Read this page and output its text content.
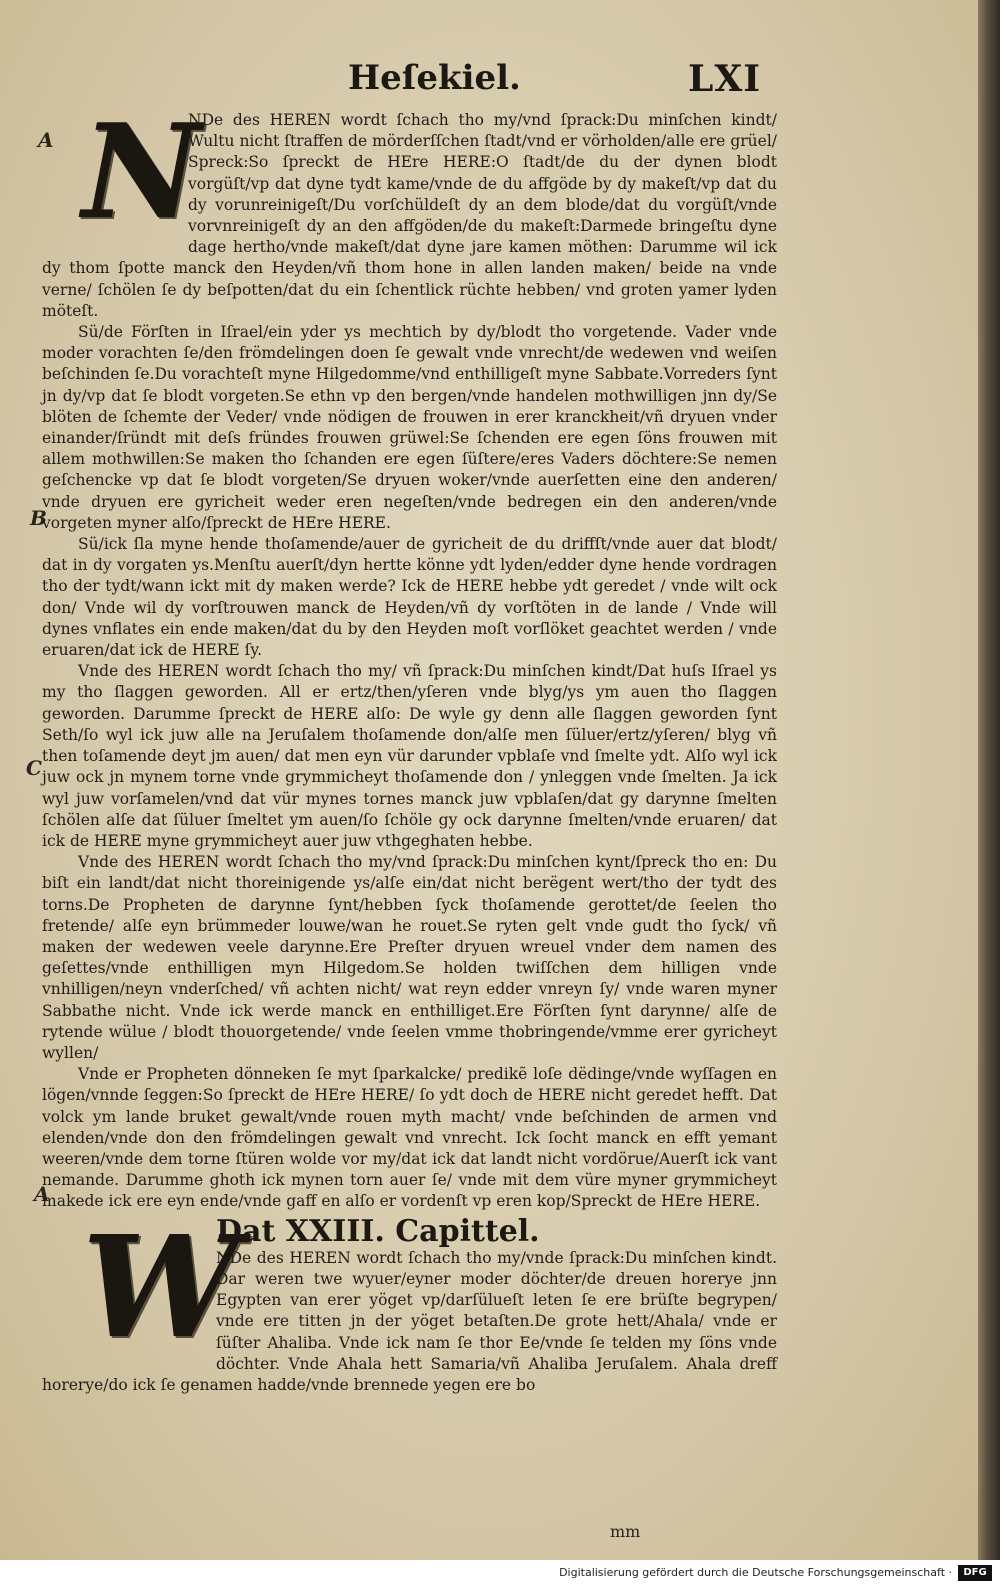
Heſekiel.	LXI
A
B
C
A
N

NDe des HEREN wordt ſchach tho my/vnd ſprack:Du minſchen kindt/ Wultu nicht ſtraffen de mörderſſchen ſtadt/vnd er vörholden/alle ere grüel/ Spreck:So ſpreckt de HEre HERE:O ſtadt/de du der dynen blodt vorgüſt/vp dat dyne tydt kame/vnde de du affgöde by dy makeſt/vp dat du dy vorunreinigeſt/Du vorſchüldeſt dy an dem blode/dat du vorgüſt/vnde vorvnreinigeſt dy an den affgöden/de du makeſt:Darmede bringeſtu dyne dage hertho/vnde makeſt/dat dyne jare kamen möthen: Darumme wil ick dy thom ſpotte manck den Heyden/vñ thom hone in allen landen maken/ beide na vnde verne/ ſchölen ſe dy beſpotten/dat du ein ſchentlick rüchte hebben/ vnd groten yamer lyden möteſt.

Sü/de Förſten in Iſrael/ein yder ys mechtich by dy/blodt tho vorgetende. Vader vnde moder vorachten ſe/den frömdelingen doen ſe gewalt vnde vnrecht/de wedewen vnd weiſen beſchinden ſe.Du vorachteſt myne Hilgedomme/vnd enthilligeſt myne Sabbate.Vorreders ſynt jn dy/vp dat ſe blodt vorgeten.Se ethn vp den bergen/vnde handelen mothwilligen jnn dy/Se blöten de ſchemte der Veder/ vnde nödigen de frouwen in erer kranckheit/vñ dryuen vnder einander/ſründt mit deſs fründes frouwen grüwel:Se ſchenden ere egen ſöns frouwen mit allem mothwillen:Se maken tho ſchanden ere egen ſüſtere/eres Vaders döchtere:Se nemen geſchencke vp dat ſe blodt vorgeten/Se dryuen woker/vnde auerſetten eine den anderen/ vnde dryuen ere gyricheit weder eren negeſten/vnde bedregen ein den anderen/vnde vorgeten myner alſo/ſpreckt de HEre HERE.

Sü/ick ſla myne hende thoſamende/auer de gyricheit de du driffſt/vnde auer dat blodt/ dat in dy vorgaten ys.Menſtu auerſt/dyn hertte könne ydt lyden/edder dyne hende vordragen tho der tydt/wann ickt mit dy maken werde? Ick de HERE hebbe ydt geredet / vnde wilt ock don/ Vnde wil dy vorſtrouwen manck de Heyden/vñ dy vorſtöten in de lande / Vnde will dynes vnflates ein ende maken/dat du by den Heyden moſt vorſlöket geachtet werden / vnde eruaren/dat ick de HERE ſy.

Vnde des HEREN wordt ſchach tho my/ vñ ſprack:Du minſchen kindt/Dat huſs Iſrael ys my tho ſlaggen geworden. All er ertz/then/yſeren vnde blyg/ys ym auen tho ſlaggen geworden. Darumme ſpreckt de HERE alſo: De wyle gy denn alle ſlaggen geworden ſynt Seth/ſo wyl ick juw alle na Jeruſalem thoſamende don/alſe men ſüluer/ertz/yſeren/ blyg vñ then toſamende deyt jm auen/ dat men eyn vür darunder vpblaſe vnd ſmelte ydt. Alſo wyl ick juw ock jn mynem torne vnde grymmicheyt thoſamende don / ynleggen vnde ſmelten. Ja ick wyl juw vorſamelen/vnd dat vür mynes tornes manck juw vpblaſen/dat gy darynne ſmelten ſchölen alſe dat ſüluer ſmeltet ym auen/ſo ſchöle gy ock darynne ſmelten/vnde eruaren/ dat ick de HERE myne grymmicheyt auer juw vthgeghaten hebbe.

Vnde des HEREN wordt ſchach tho my/vnd ſprack:Du minſchen kynt/ſpreck tho en: Du biſt ein landt/dat nicht thoreinigende ys/alſe ein/dat nicht berëgent wert/tho der tydt des torns.De Propheten de darynne ſynt/hebben ſyck thoſamende gerottet/de ſeelen tho fretende/ alſe eyn brümmeder louwe/wan he rouet.Se ryten gelt vnde gudt tho ſyck/ vñ maken der wedewen veele darynne.Ere Preſter dryuen wreuel vnder dem namen des geſettes/vnde enthilligen myn Hilgedom.Se holden twiſſchen dem hilligen vnde vnhilligen/neyn vnderſched/ vñ achten nicht/ wat reyn edder vnreyn ſy/ vnde waren myner Sabbathe nicht. Vnde ick werde manck en enthilliget.Ere Förſten ſynt darynne/ alſe de rytende wülue / blodt thouorgetende/ vnde ſeelen vmme thobringende/vmme erer gyricheyt wyllen/

Vnde er Propheten dönneken ſe myt ſparkalcke/ predikẽ loſe dëdinge/vnde wyſſagen en lögen/vnnde ſeggen:So ſpreckt de HEre HERE/ ſo ydt doch de HERE nicht geredet hefft. Dat volck ym lande bruket gewalt/vnde rouen myth macht/ vnde beſchinden de armen vnd elenden/vnde don den frömdelingen gewalt vnd vnrecht. Ick ſocht manck en efft yemant weeren/vnde dem torne ſtüren wolde vor my/dat ick dat landt nicht vordörue/Auerſt ick vant nemande. Darumme ghoth ick mynen torn auer ſe/ vnde mit dem vüre myner grymmicheyt makede ick ere eyn ende/vnde gaff en alſo er vordenſt vp eren kop/Spreckt de HEre HERE.

W
Dat XXIII. Capittel.

NDe des HEREN wordt ſchach tho my/vnde ſprack:Du minſchen kindt. Dar weren twe wyuer/eyner moder döchter/de dreuen horerye jnn Egypten van erer yöget vp/darſülueſt leten ſe ere brüſte begrypen/ vnde ere titten jn der yöget betaſten.De grote hett/Ahala/ vnde er ſüſter Ahaliba. Vnde ick nam ſe thor Ee/vnde ſe telden my ſöns vnde döchter. Vnde Ahala hett Samaria/vñ Ahaliba Jeruſalem. Ahala dreff horerye/do ick ſe genamen hadde/vnde brennede yegen ere bo

mm
Digitalisierung gefördert durch die Deutsche Forschungsgemeinschaft ·	DFG
